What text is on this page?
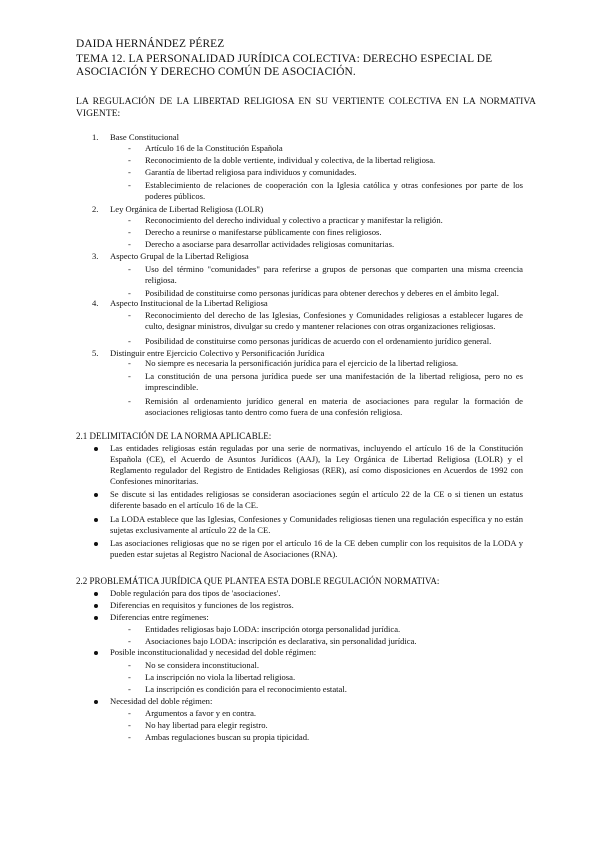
DAIDA HERNÁNDEZ PÉREZ
TEMA 12. LA PERSONALIDAD JURÍDICA COLECTIVA: DERECHO ESPECIAL DE
ASOCIACIÓN Y DERECHO COMÚN DE ASOCIACIÓN.
LA REGULACIÓN DE LA LIBERTAD RELIGIOSA EN SU VERTIENTE COLECTIVA EN LA NORMATIVA
VIGENTE:
1. Base Constitucional
- Artículo 16 de la Constitución Española
- Reconocimiento de la doble vertiente, individual y colectiva, de la libertad religiosa.
- Garantía de libertad religiosa para individuos y comunidades.
- Establecimiento de relaciones de cooperación con la Iglesia católica y otras confesiones por parte de los poderes públicos.
2. Ley Orgánica de Libertad Religiosa (LOLR)
- Reconocimiento del derecho individual y colectivo a practicar y manifestar la religión.
- Derecho a reunirse o manifestarse públicamente con fines religiosos.
- Derecho a asociarse para desarrollar actividades religiosas comunitarias.
3. Aspecto Grupal de la Libertad Religiosa
- Uso del término "comunidades" para referirse a grupos de personas que comparten una misma creencia religiosa.
- Posibilidad de constituirse como personas jurídicas para obtener derechos y deberes en el ámbito legal.
4. Aspecto Institucional de la Libertad Religiosa
- Reconocimiento del derecho de las Iglesias, Confesiones y Comunidades religiosas a establecer lugares de culto, designar ministros, divulgar su credo y mantener relaciones con otras organizaciones religiosas.
- Posibilidad de constituirse como personas jurídicas de acuerdo con el ordenamiento jurídico general.
5. Distinguir entre Ejercicio Colectivo y Personificación Jurídica
- No siempre es necesaria la personificación jurídica para el ejercicio de la libertad religiosa.
- La constitución de una persona jurídica puede ser una manifestación de la libertad religiosa, pero no es imprescindible.
- Remisión al ordenamiento jurídico general en materia de asociaciones para regular la formación de asociaciones religiosas tanto dentro como fuera de una confesión religiosa.
2.1 DELIMITACIÓN DE LA NORMA APLICABLE:
Las entidades religiosas están reguladas por una serie de normativas, incluyendo el artículo 16 de la Constitución Española (CE), el Acuerdo de Asuntos Jurídicos (AAJ), la Ley Orgánica de Libertad Religiosa (LOLR) y el Reglamento regulador del Registro de Entidades Religiosas (RER), así como disposiciones en Acuerdos de 1992 con Confesiones minoritarias.
Se discute si las entidades religiosas se consideran asociaciones según el artículo 22 de la CE o si tienen un estatus diferente basado en el artículo 16 de la CE.
La LODA establece que las Iglesias, Confesiones y Comunidades religiosas tienen una regulación específica y no están sujetas exclusivamente al artículo 22 de la CE.
Las asociaciones religiosas que no se rigen por el artículo 16 de la CE deben cumplir con los requisitos de la LODA y pueden estar sujetas al Registro Nacional de Asociaciones (RNA).
2.2 PROBLEMÁTICA JURÍDICA QUE PLANTEA ESTA DOBLE REGULACIÓN NORMATIVA:
Doble regulación para dos tipos de 'asociaciones'.
Diferencias en requisitos y funciones de los registros.
Diferencias entre regímenes:
- Entidades religiosas bajo LODA: inscripción otorga personalidad jurídica.
- Asociaciones bajo LODA: inscripción es declarativa, sin personalidad jurídica.
Posible inconstitucionalidad y necesidad del doble régimen:
- No se considera inconstitucional.
- La inscripción no viola la libertad religiosa.
- La inscripción es condición para el reconocimiento estatal.
Necesidad del doble régimen:
- Argumentos a favor y en contra.
- No hay libertad para elegir registro.
- Ambas regulaciones buscan su propia tipicidad.
